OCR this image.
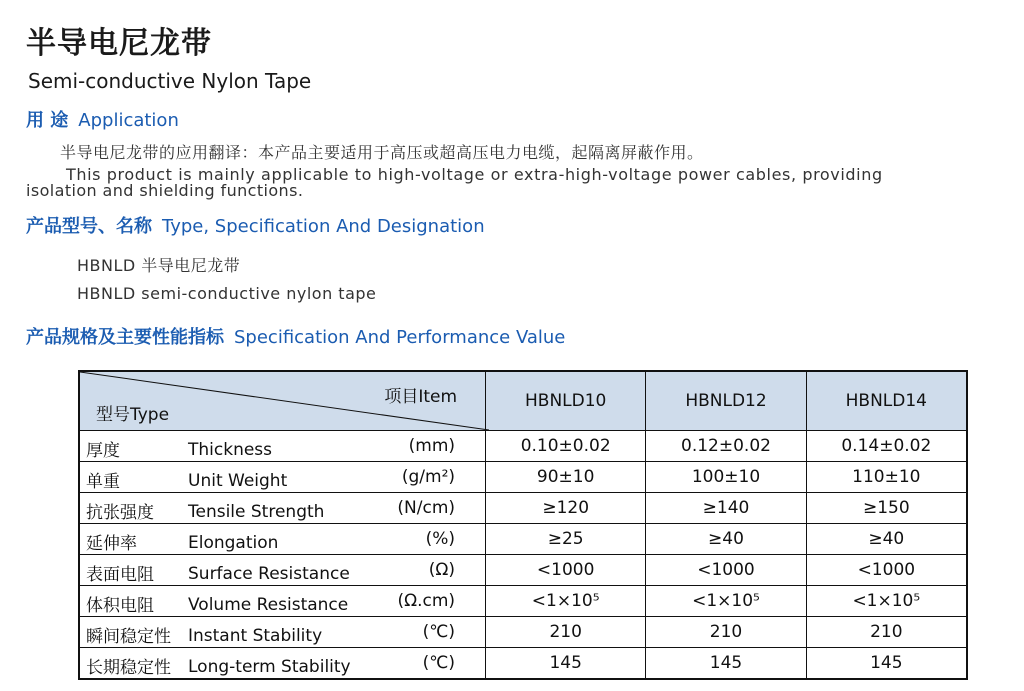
半导电尼龙带
Semi-conductive Nylon Tape
用 途 Application
半导电尼龙带的应用翻译：本产品主要适用于高压或超高压电力电缆，起隔离屏蔽作用。
This product is mainly applicable to high-voltage or extra-high-voltage power cables, providing
isolation and shielding functions.
产品型号、名称 Type, Specification And Designation
HBNLD 半导电尼龙带
HBNLD semi-conductive nylon tape
产品规格及主要性能指标 Specification And Performance Value
项目Item
型号Type	HBNLD10	HBNLD12	HBNLD14

厚度 Thickness (mm)	0.10±0.02	0.12±0.02	0.14±0.02

单重 Unit Weight (g/m²)	90±10	100±10	110±10

抗张强度 Tensile Strength (N/cm)	≥120	≥140	≥150

延伸率 Elongation (%)	≥25	≥40	≥40

表面电阻 Surface Resistance (Ω)	<1000	<1000	<1000

体积电阻 Volume Resistance (Ω.cm)	<1×10⁵	<1×10⁵	<1×10⁵

瞬间稳定性 Instant Stability (℃)	210	210	210

长期稳定性 Long-term Stability (℃)	145	145	145
